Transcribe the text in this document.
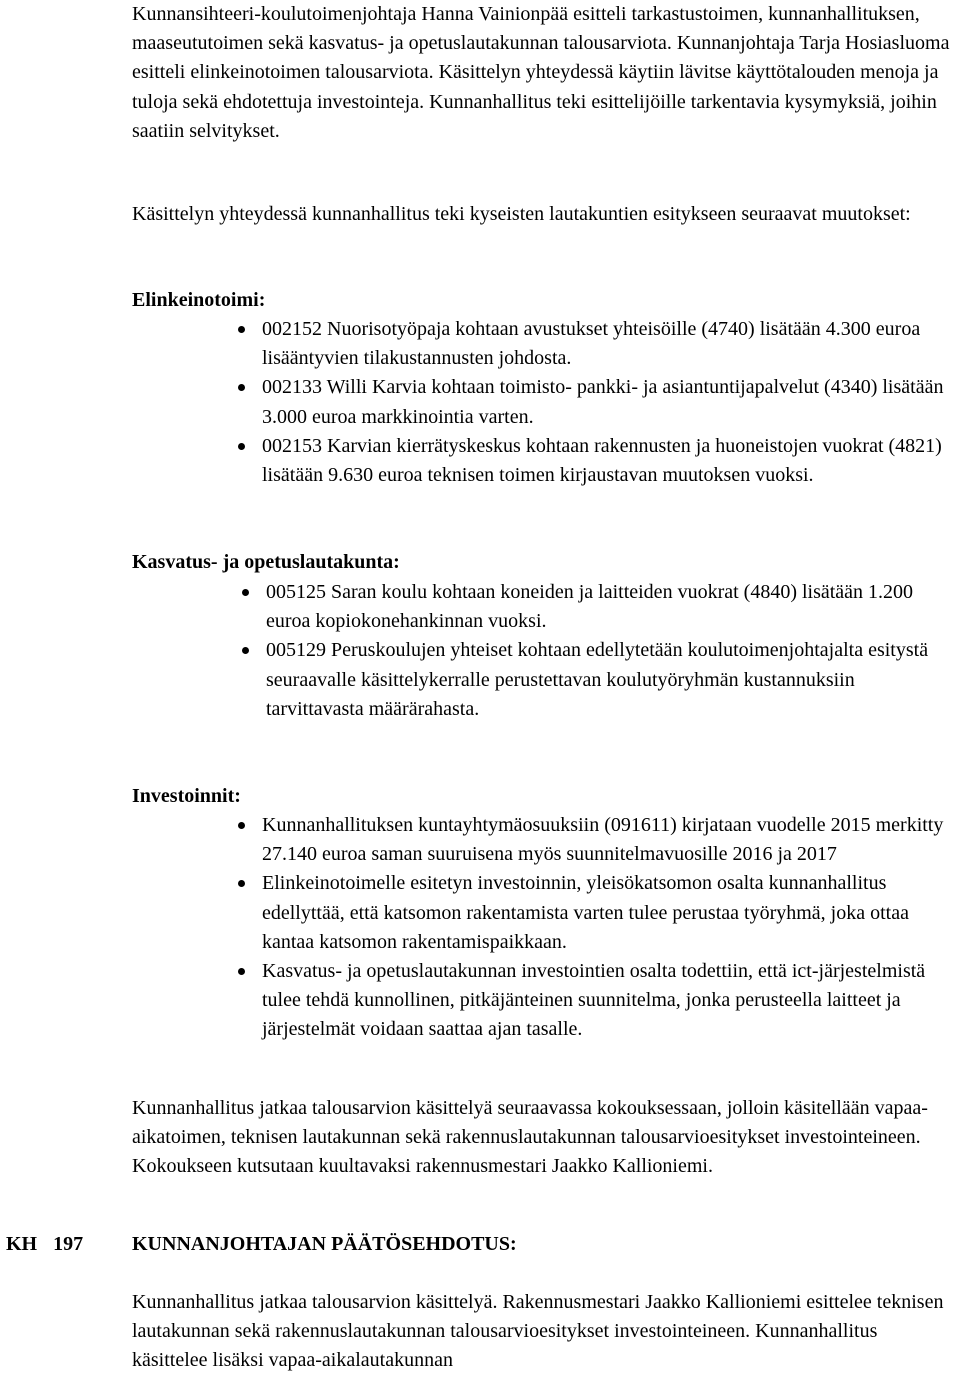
Kunnansihteeri-koulutoimenjohtaja Hanna Vainionpää esitteli tarkastustoimen, kunnanhallituksen, maaseututoimen sekä kasvatus- ja opetuslautakunnan talousarviota. Kunnanjohtaja Tarja Hosiasluoma esitteli elinkeinotoimen talousarviota. Käsittelyn yhteydessä käytiin lävitse käyttötalouden menoja ja tuloja sekä ehdotettuja investointeja. Kunnanhallitus teki esittelijöille tarkentavia kysymyksiä, joihin saatiin selvitykset.

Käsittelyn yhteydessä kunnanhallitus teki kyseisten lautakuntien esitykseen seuraavat muutokset:

Elinkeinotoimi:

002152 Nuorisotyöpaja kohtaan avustukset yhteisöille (4740) lisätään 4.300 euroa lisääntyvien tilakustannusten johdosta.
002133 Willi Karvia kohtaan toimisto- pankki- ja asiantuntijapalvelut (4340) lisätään 3.000 euroa markkinointia varten.
002153 Karvian kierrätyskeskus kohtaan rakennusten ja huoneistojen vuokrat (4821) lisätään 9.630 euroa teknisen toimen kirjaustavan muutoksen vuoksi.

Kasvatus- ja opetuslautakunta:

005125 Saran koulu kohtaan koneiden ja laitteiden vuokrat (4840) lisätään 1.200 euroa kopiokonehankinnan vuoksi.
005129 Peruskoulujen yhteiset kohtaan edellytetään koulutoimenjohtajalta esitystä seuraavalle käsittelykerralle perustettavan koulutyöryhmän kustannuksiin tarvittavasta määrärahasta.

Investoinnit:

Kunnanhallituksen kuntayhtymäosuuksiin (091611) kirjataan vuodelle 2015 merkitty 27.140 euroa saman suuruisena myös suunnitelmavuosille 2016 ja 2017
Elinkeinotoimelle esitetyn investoinnin, yleisökatsomon osalta kunnanhallitus edellyttää, että katsomon rakentamista varten tulee perustaa työryhmä, joka ottaa kantaa katsomon rakentamispaikkaan.
Kasvatus- ja opetuslautakunnan investointien osalta todettiin, että ict-järjestelmistä tulee tehdä kunnollinen, pitkäjänteinen suunnitelma, jonka perusteella laitteet ja järjestelmät voidaan saattaa ajan tasalle.

Kunnanhallitus jatkaa talousarvion käsittelyä seuraavassa kokouksessaan, jolloin käsitellään vapaa-aikatoimen, teknisen lautakunnan sekä rakennuslautakunnan talousarvioesitykset investointeineen. Kokoukseen kutsutaan kuultavaksi rakennusmestari Jaakko Kallioniemi.

KH 197 KUNNANJOHTAJAN PÄÄTÖSEHDOTUS:

Kunnanhallitus jatkaa talousarvion käsittelyä. Rakennusmestari Jaakko Kallioniemi esittelee teknisen lautakunnan sekä rakennuslautakunnan talousarvioesitykset investointeineen. Kunnanhallitus käsittelee lisäksi vapaa-aikalautakunnan
